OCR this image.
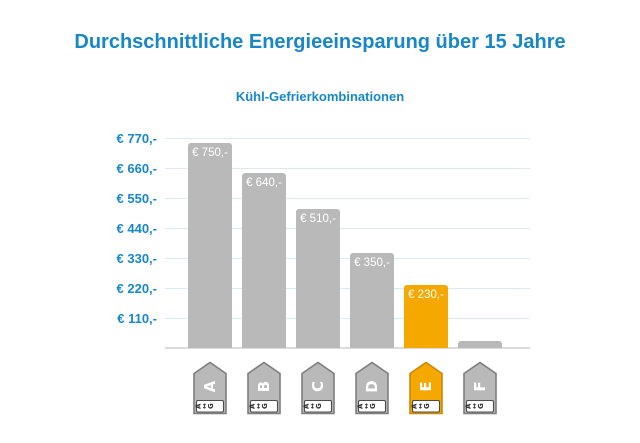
Durchschnittliche Energieeinsparung über 15 Jahre
Kühl-Gefrierkombinationen
€ 770,-
€ 660,-
€ 550,-
€ 440,-
€ 330,-
€ 220,-
€ 110,-
€ 750,-
€ 640,-
€ 510,-
€ 350,-
€ 230,-
A
A↔G
B
A↔G
C
A↔G
D
A↔G
E
A↔G
F
A↔G
